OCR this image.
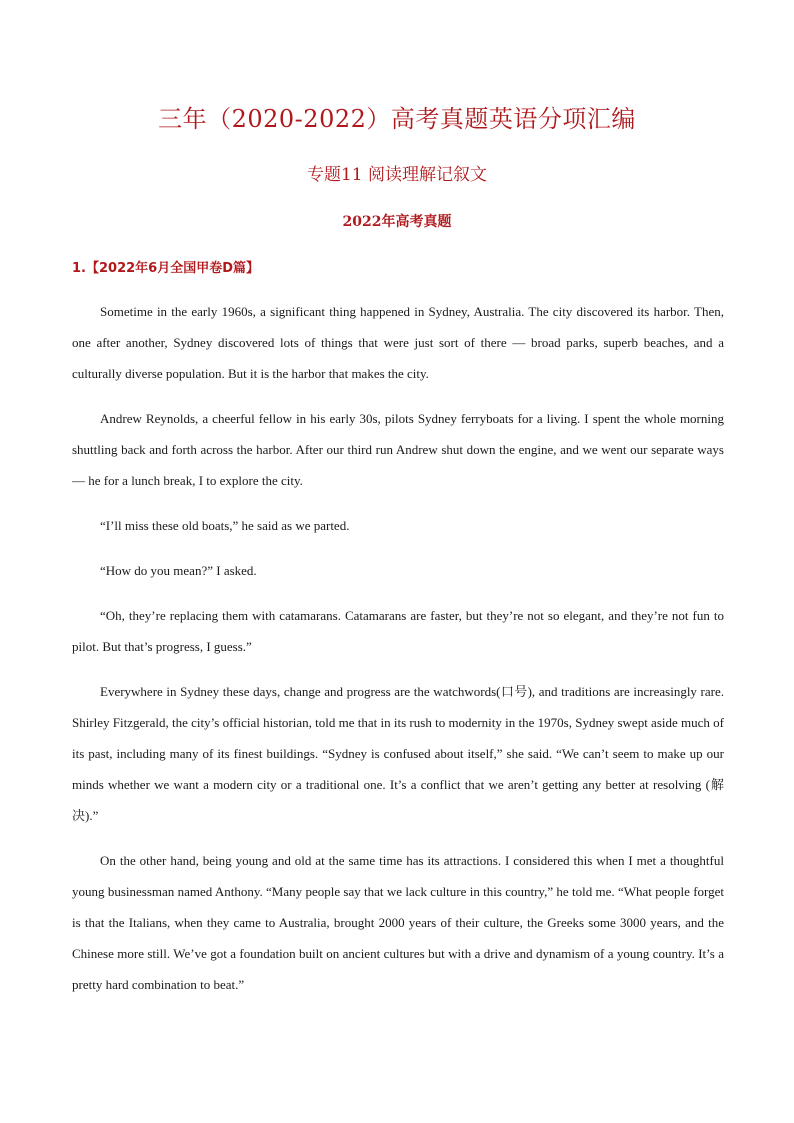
三年（2020-2022）高考真题英语分项汇编
专题11 阅读理解记叙文
2022年高考真题
1.【2022年6月全国甲卷D篇】

Sometime in the early 1960s, a significant thing happened in Sydney, Australia. The city discovered its harbor. Then, one after another, Sydney discovered lots of things that were just sort of there — broad parks, superb beaches, and a culturally diverse population. But it is the harbor that makes the city.

Andrew Reynolds, a cheerful fellow in his early 30s, pilots Sydney ferryboats for a living. I spent the whole morning shuttling back and forth across the harbor. After our third run Andrew shut down the engine, and we went our separate ways — he for a lunch break, I to explore the city.

“I’ll miss these old boats,” he said as we parted.

“How do you mean?” I asked.

“Oh, they’re replacing them with catamarans. Catamarans are faster, but they’re not so elegant, and they’re not fun to pilot. But that’s progress, I guess.”

Everywhere in Sydney these days, change and progress are the watchwords(口号), and traditions are increasingly rare. Shirley Fitzgerald, the city’s official historian, told me that in its rush to modernity in the 1970s, Sydney swept aside much of its past, including many of its finest buildings. “Sydney is confused about itself,” she said. “We can’t seem to make up our minds whether we want a modern city or a traditional one. It’s a conflict that we aren’t getting any better at resolving (解决).”

On the other hand, being young and old at the same time has its attractions. I considered this when I met a thoughtful young businessman named Anthony. “Many people say that we lack culture in this country,” he told me. “What people forget is that the Italians, when they came to Australia, brought 2000 years of their culture, the Greeks some 3000 years, and the Chinese more still. We’ve got a foundation built on ancient cultures but with a drive and dynamism of a young country. It’s a pretty hard combination to beat.”
